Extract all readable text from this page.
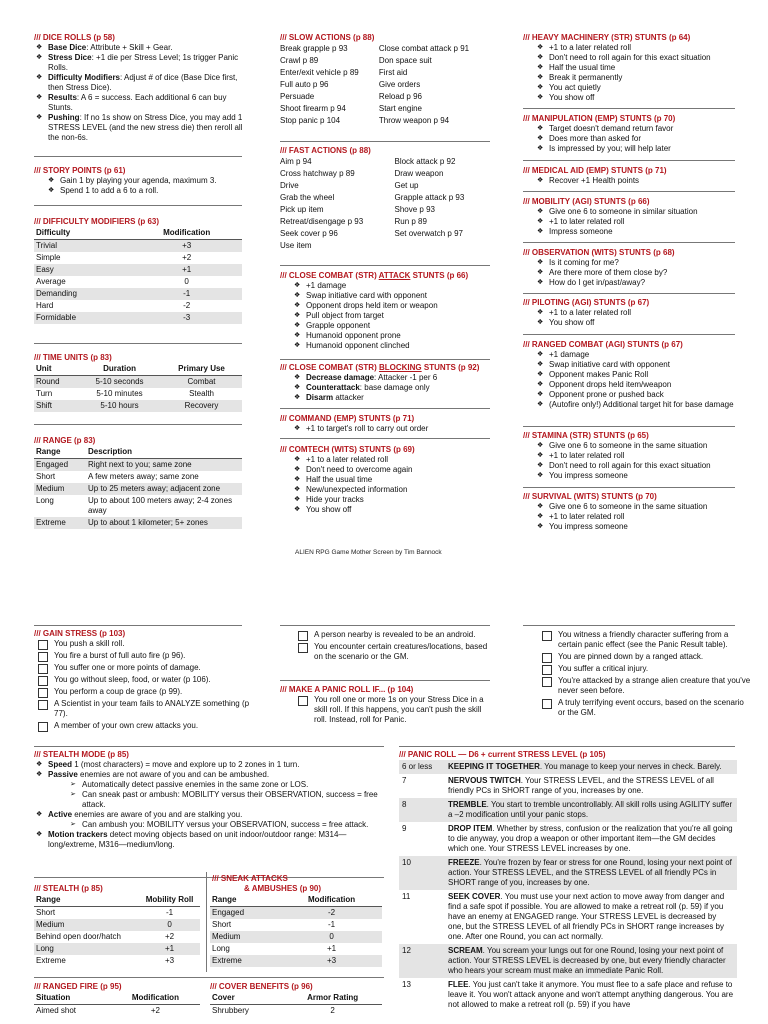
/// DICE ROLLS (p 58)
❖ Base Dice: Attribute + Skill + Gear.
❖ Stress Dice: +1 die per Stress Level; 1s trigger Panic Rolls.
❖ Difficulty Modifiers: Adjust # of dice (Base Dice first, then Stress Dice).
❖ Results: A 6 = success. Each additional 6 can buy Stunts.
❖ Pushing: If no 1s show on Stress Dice, you may add 1 STRESS LEVEL (and the new stress die) then reroll all the non-6s.
/// STORY POINTS (p 61)
❖ Gain 1 by playing your agenda, maximum 3.
❖ Spend 1 to add a 6 to a roll.
/// DIFFICULTY MODIFIERS (p 63)
Difficulty	Modification
Trivial	+3
Simple	+2
Easy	+1
Average	0
Demanding	-1
Hard	-2
Formidable	-3
/// TIME UNITS (p 83)
Unit	Duration	Primary Use
Round	5-10 seconds	Combat
Turn	5-10 minutes	Stealth
Shift	5-10 hours	Recovery
/// RANGE (p 83)
Range	Description
Engaged	Right next to you; same zone
Short	A few meters away; same zone
Medium	Up to 25 meters away; adjacent zone
Long	Up to about 100 meters away; 2-4 zones away
Extreme	Up to about 1 kilometer; 5+ zones
/// SLOW ACTIONS (p 88)
Break grapple p 93	Close combat attack p 91
Crawl p 89	Don space suit
Enter/exit vehicle p 89	First aid
Full auto p 96	Give orders
Persuade	Reload p 96
Shoot firearm p 94	Start engine
Stop panic p 104	Throw weapon p 94
/// FAST ACTIONS (p 88)
Aim p 94	Block attack p 92
Cross hatchway p 89	Draw weapon
Drive	Get up
Grab the wheel	Grapple attack p 93
Pick up item	Shove p 93
Retreat/disengage p 93	Run p 89
Seek cover p 96	Set overwatch p 97
Use item	
/// CLOSE COMBAT (STR) ATTACK STUNTS (p 66)
❖ +1 damage
❖ Swap initiative card with opponent
❖ Opponent drops held item or weapon
❖ Pull object from target
❖ Grapple opponent
❖ Humanoid opponent prone
❖ Humanoid opponent clinched
/// CLOSE COMBAT (STR) BLOCKING STUNTS (p 92)
❖ Decrease damage: Attacker -1 per 6
❖ Counterattack: base damage only
❖ Disarm attacker
/// COMMAND (EMP) STUNTS (p 71)
❖ +1 to target's roll to carry out order
/// COMTECH (WITS) STUNTS (p 69)
❖ +1 to a later related roll
❖ Don't need to overcome again
❖ Half the usual time
❖ New/unexpected information
❖ Hide your tracks
❖ You show off
ALIEN RPG Game Mother Screen by Tim Bannock
/// HEAVY MACHINERY (STR) STUNTS (p 64)
❖ +1 to a later related roll
❖ Don't need to roll again for this exact situation
❖ Half the usual time
❖ Break it permanently
❖ You act quietly
❖ You show off
/// MANIPULATION (EMP) STUNTS (p 70)
❖ Target doesn't demand return favor
❖ Does more than asked for
❖ Is impressed by you; will help later
/// MEDICAL AID (EMP) STUNTS (p 71)
❖ Recover +1 Health points
/// MOBILITY (AGI) STUNTS (p 66)
❖ Give one 6 to someone in similar situation
❖ +1 to later related roll
❖ Impress someone
/// OBSERVATION (WITS) STUNTS (p 68)
❖ Is it coming for me?
❖ Are there more of them close by?
❖ How do I get in/past/away?
/// PILOTING (AGI) STUNTS (p 67)
❖ +1 to a later related roll
❖ You show off
/// RANGED COMBAT (AGI) STUNTS (p 67)
❖ +1 damage
❖ Swap initiative card with opponent
❖ Opponent makes Panic Roll
❖ Opponent drops held item/weapon
❖ Opponent prone or pushed back
❖ (Autofire only!) Additional target hit for base damage
/// STAMINA (STR) STUNTS (p 65)
❖ Give one 6 to someone in the same situation
❖ +1 to later related roll
❖ Don't need to roll again for this exact situation
❖ You impress someone
/// SURVIVAL (WITS) STUNTS (p 70)
❖ Give one 6 to someone in the same situation
❖ +1 to later related roll
❖ You impress someone
/// GAIN STRESS (p 103)
You push a skill roll.
You fire a burst of full auto fire (p 96).
You suffer one or more points of damage.
You go without sleep, food, or water (p 106).
You perform a coup de grace (p 99).
A Scientist in your team fails to ANALYZE something (p 77).
A member of your own crew attacks you.
A person nearby is revealed to be an android.
You encounter certain creatures/locations, based on the scenario or the GM.
/// MAKE A PANIC ROLL IF... (p 104)
You roll one or more 1s on your Stress Dice in a skill roll. If this happens, you can't push the skill roll. Instead, roll for Panic.
You witness a friendly character suffering from a certain panic effect (see the Panic Result table).
You are pinned down by a ranged attack.
You suffer a critical injury.
You're attacked by a strange alien creature that you've never seen before.
A truly terrifying event occurs, based on the scenario or the GM.
/// STEALTH MODE (p 85)
❖ Speed 1 (most characters) = move and explore up to 2 zones in 1 turn.
❖ Passive enemies are not aware of you and can be ambushed.
➢ Automatically detect passive enemies in the same zone or LOS.
➢ Can sneak past or ambush: MOBILITY versus their OBSERVATION, success = free attack.
❖ Active enemies are aware of you and are stalking you.
➢ Can ambush you: MOBILITY versus your OBSERVATION, success = free attack.
❖ Motion trackers detect moving objects based on unit indoor/outdoor range: M314—long/extreme, M316—medium/long.
/// STEALTH (p 85)
Range	Mobility Roll
Short	-1
Medium	0
Behind open door/hatch	+2
Long	+1
Extreme	+3
/// SNEAK ATTACKS
& AMBUSHES (p 90)
Range	Modification
Engaged	-2
Short	-1
Medium	0
Long	+1
Extreme	+3
/// RANGED FIRE (p 95)
Situation	Modification
Aimed shot	+2
/// COVER BENEFITS (p 96)
Cover	Armor Rating
Shrubbery	2
/// PANIC ROLL — D6 + current STRESS LEVEL (p 105)
6 or less	KEEPING IT TOGETHER. You manage to keep your nerves in check. Barely.
7	NERVOUS TWITCH. Your STRESS LEVEL, and the STRESS LEVEL of all friendly PCs in SHORT range of you, increases by one.
8	TREMBLE. You start to tremble uncontrollably. All skill rolls using AGILITY suffer a –2 modification until your panic stops.
9	DROP ITEM. Whether by stress, confusion or the realization that you're all going to die anyway, you drop a weapon or other important item—the GM decides which one. Your STRESS LEVEL increases by one.
10	FREEZE. You're frozen by fear or stress for one Round, losing your next point of action. Your STRESS LEVEL, and the STRESS LEVEL of all friendly PCs in SHORT range of you, increases by one.
11	SEEK COVER. You must use your next action to move away from danger and find a safe spot if possible. You are allowed to make a retreat roll (p. 59) if you have an enemy at ENGAGED range. Your STRESS LEVEL is decreased by one, but the STRESS LEVEL of all friendly PCs in SHORT range increases by one. After one Round, you can act normally.
12	SCREAM. You scream your lungs out for one Round, losing your next point of action. Your STRESS LEVEL is decreased by one, but every friendly character who hears your scream must make an immediate Panic Roll.
13	FLEE. You just can't take it anymore. You must flee to a safe place and refuse to leave it. You won't attack anyone and won't attempt anything dangerous. You are not allowed to make a retreat roll (p. 59) if you have
